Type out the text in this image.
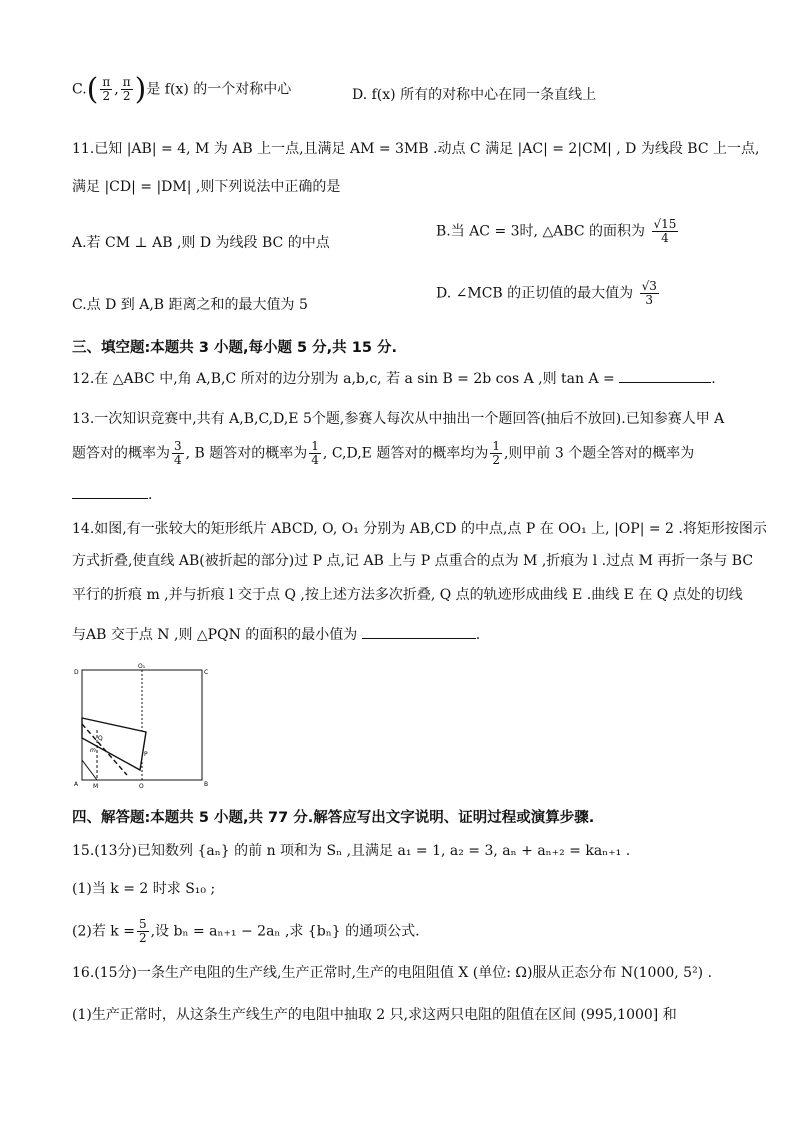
$C.( \frac{\pi}{2}$ , $\frac{\pi}{2}$ )是 f(x) 的一个对称中心	D. f(x) 所有的对称中心在同一条直线上
11.已知 |AB| = 4, M 为 AB 上一点,且满足 AM = 3MB .动点 C 满足 |AC| = 2|CM| , D 为线段 BC 上一点,
满足 |CD| = |DM| ,则下列说法中正确的是
A.若 CM ⊥ AB ,则 D 为线段 BC 的中点
B.当 AC = 3时, △ABC 的面积为 $\frac{√15}{4}$
C.点 D 到 A,B 距离之和的最大值为 5
D. ∠MCB 的正切值的最大值为 $\frac{√3}{3}$
三、填空题:本题共 3 小题,每小题 5 分,共 15 分.
12.在 △ABC 中,角 A,B,C 所对的边分别为 a,b,c, 若 a sin B = 2b cos A ,则 tan A =	.
13.一次知识竞赛中,共有 A,B,C,D,E 5个题,参赛人每次从中抽出一个题回答(抽后不放回).已知参赛人甲 A
题答对的概率为 $\frac{3}{4}$ , B 题答对的概率为 $\frac{1}{4}$ , C,D,E 题答对的概率均为 $\frac{1}{2}$ ,则甲前 3 个题全答对的概率为
.
14.如图,有一张较大的矩形纸片 ABCD, O, O₁ 分别为 AB,CD 的中点,点 P 在 OO₁ 上, |OP| = 2 .将矩形按图示
方式折叠,使直线 AB(被折起的部分)过 P 点,记 AB 上与 P 点重合的点为 M ,折痕为 l .过点 M 再折一条与 BC
平行的折痕 m ,并与折痕 l 交于点 Q ,按上述方法多次折叠, Q 点的轨迹形成曲线 E .曲线 E 在 Q 点处的切线
与AB 交于点 N ,则 △PQN 的面积的最小值为	.
D
O₁
C
A M	O	B
Q
P
m
四、解答题:本题共 5 小题,共 77 分.解答应写出文字说明、证明过程或演算步骤.
15.(13分)已知数列 {aₙ} 的前 n 项和为 Sₙ ,且满足 a₁ = 1, a₂ = 3, aₙ + aₙ₊₂ = kaₙ₊₁ .
(1)当 k = 2 时求 S₁₀ ;
(2)若 $k = \frac{5}{2}$ ,设 bₙ = aₙ₊₁ − 2aₙ ,求 {bₙ} 的通项公式.
16.(15分)一条生产电阻的生产线,生产正常时,生产的电阻阻值 X (单位: Ω)服从正态分布 N(1000, 5²) .
(1)生产正常时，从这条生产线生产的电阻中抽取 2 只,求这两只电阻的阻值在区间 (995,1000] 和
